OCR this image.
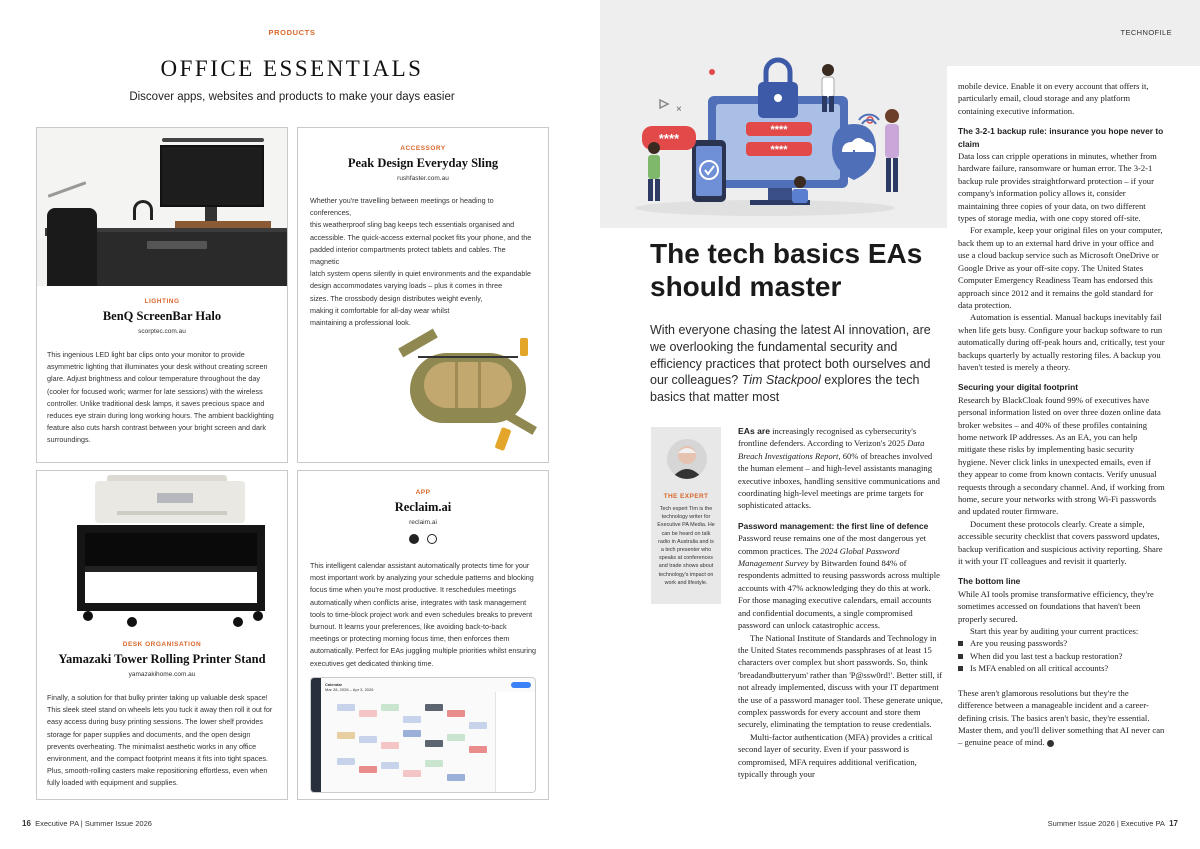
PRODUCTS
OFFICE ESSENTIALS
Discover apps, websites and products to make your days easier
LIGHTING
BenQ ScreenBar Halo
scorptec.com.au
This ingenious LED light bar clips onto your monitor to provide asymmetric lighting that illuminates your desk without creating screen glare. Adjust brightness and colour temperature throughout the day (cooler for focused work; warmer for late sessions) with the wireless controller. Unlike traditional desk lamps, it saves precious space and reduces eye strain during long working hours. The ambient backlighting feature also cuts harsh contrast between your bright screen and dark surroundings.
ACCESSORY
Peak Design Everyday Sling
rushfaster.com.au
Whether you're travelling between meetings or heading to conferences,
this weatherproof sling bag keeps tech essentials organised and
accessible. The quick-access external pocket fits your phone, and the
padded interior compartments protect tablets and cables. The magnetic
latch system opens silently in quiet environments and the expandable
design accommodates varying loads – plus it comes in three
sizes. The crossbody design distributes weight evenly,
making it comfortable for all-day wear whilst
maintaining a professional look.
DESK ORGANISATION
Yamazaki Tower Rolling Printer Stand
yamazakihome.com.au
Finally, a solution for that bulky printer taking up valuable desk space! This sleek steel stand on wheels lets you tuck it away then roll it out for easy access during busy printing sessions. The lower shelf provides storage for paper supplies and documents, and the open design prevents overheating. The minimalist aesthetic works in any office environment, and the compact footprint means it fits into tight spaces. Plus, smooth-rolling casters make repositioning effortless, even when fully loaded with equipment and supplies.
APP
Reclaim.ai
reclaim.ai

This intelligent calendar assistant automatically protects time for your most important work by analyzing your schedule patterns and blocking focus time when you're most productive. It reschedules meetings automatically when conflicts arise, integrates with task management tools to time-block project work and even schedules breaks to prevent burnout. It learns your preferences, like avoiding back-to-back meetings or protecting morning focus time, then enforces them automatically. Perfect for EAs juggling multiple priorities whilst ensuring executives get dedicated thinking time.
Calendar
Mar 28, 2026 – Apr 3, 2026
16 Executive PA | Summer Issue 2026
****
****
****
×
TECHNOFILE
The tech basics EAs should master
With everyone chasing the latest AI innovation, are we overlooking the fundamental security and efficiency practices that protect both ourselves and our colleagues? Tim Stackpool explores the tech basics that matter most
THE EXPERT
Tech expert Tim is the technology writer for Executive PA Media. He can be heard on talk radio in Australia and is a tech presenter who speaks at conferences and trade shows about technology's impact on work and lifestyle.

EAs are increasingly recognised as cybersecurity's frontline defenders. According to Verizon's 2025 Data Breach Investigations Report, 60% of breaches involved the human element – and high-level assistants managing executive inboxes, handling sensitive communications and coordinating high-level meetings are prime targets for sophisticated attacks.

Password management: the first line of defence

Password reuse remains one of the most dangerous yet common practices. The 2024 Global Password Management Survey by Bitwarden found 84% of respondents admitted to reusing passwords across multiple accounts with 47% acknowledging they do this at work. For those managing executive calendars, email accounts and confidential documents, a single compromised password can unlock catastrophic access.

The National Institute of Standards and Technology in the United States recommends passphrases of at least 15 characters over complex but short passwords. So, think 'breadandbutteryum' rather than 'P@ssw0rd!'. Better still, if not already implemented, discuss with your IT department the use of a password manager tool. These generate unique, complex passwords for every account and store them securely, eliminating the temptation to reuse credentials.

Multi-factor authentication (MFA) provides a critical second layer of security. Even if your password is compromised, MFA requires additional verification, typically through your

mobile device. Enable it on every account that offers it, particularly email, cloud storage and any platform containing executive information.

The 3-2-1 backup rule: insurance you hope never to claim

Data loss can cripple operations in minutes, whether from hardware failure, ransomware or human error. The 3-2-1 backup rule provides straightforward protection – if your company's information policy allows it, consider maintaining three copies of your data, on two different types of storage media, with one copy stored off-site.

For example, keep your original files on your computer, back them up to an external hard drive in your office and use a cloud backup service such as Microsoft OneDrive or Google Drive as your off-site copy. The United States Computer Emergency Readiness Team has endorsed this approach since 2012 and it remains the gold standard for data protection.

Automation is essential. Manual backups inevitably fail when life gets busy. Configure your backup software to run automatically during off-peak hours and, critically, test your backups quarterly by actually restoring files. A backup you haven't tested is merely a theory.

Securing your digital footprint

Research by BlackCloak found 99% of executives have personal information listed on over three dozen online data broker websites – and 40% of these profiles containing home network IP addresses. As an EA, you can help mitigate these risks by implementing basic security hygiene. Never click links in unexpected emails, even if they appear to come from known contacts. Verify unusual requests through a secondary channel. And, if working from home, secure your networks with strong Wi-Fi passwords and updated router firmware.

Document these protocols clearly. Create a simple, accessible security checklist that covers password updates, backup verification and suspicious activity reporting. Share it with your IT colleagues and revisit it quarterly.

The bottom line

While AI tools promise transformative efficiency, they're sometimes accessed on foundations that haven't been properly secured.

Start this year by auditing your current practices:

Are you reusing passwords?
When did you last test a backup restoration?
Is MFA enabled on all critical accounts?

These aren't glamorous resolutions but they're the difference between a manageable incident and a career-defining crisis. The basics aren't basic, they're essential. Master them, and you'll deliver something that AI never can – genuine peace of mind.

Summer Issue 2026 | Executive PA 17
